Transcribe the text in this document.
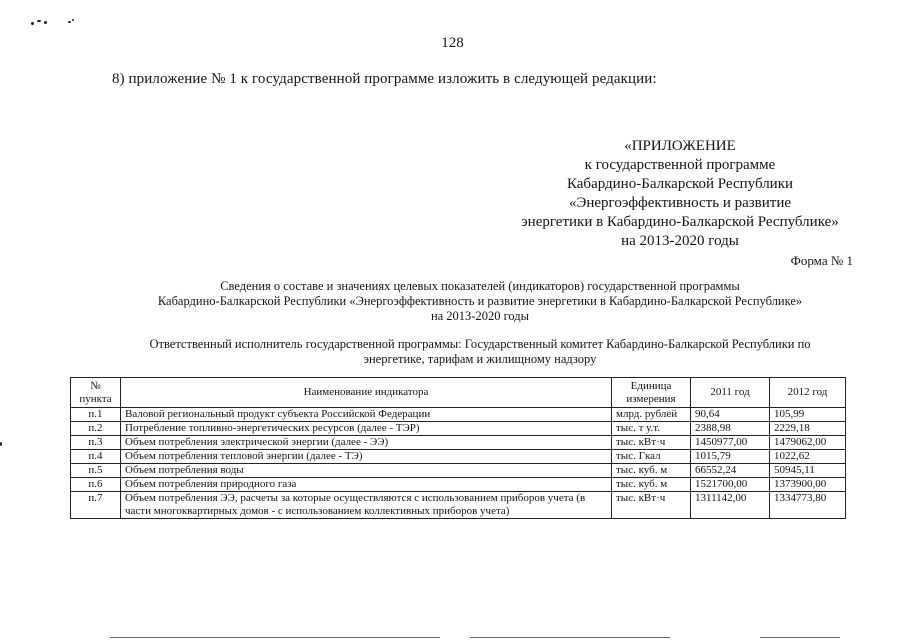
128
8) приложение № 1 к государственной программе изложить в следующей редакции:
«ПРИЛОЖЕНИЕ
к государственной программе
Кабардино-Балкарской Республики
«Энергоэффективность и развитие
энергетики в Кабардино-Балкарской Республике»
на 2013-2020 годы
Форма № 1
Сведения о составе и значениях целевых показателей (индикаторов) государственной программы
Кабардино-Балкарской Республики «Энергоэффективность и развитие энергетики в Кабардино-Балкарской Республике»
на 2013-2020 годы
Ответственный исполнитель государственной программы: Государственный комитет Кабардино-Балкарской Республики по
энергетике, тарифам и жилищному надзору
№ пункта	Наименование индикатора	Единица измерения	2011 год	2012 год
п.1	Валовой региональный продукт субъекта Российской Федерации	млрд. рублей	90,64	105,99
п.2	Потребление топливно-энергетических ресурсов (далее - ТЭР)	тыс. т у.т.	2388,98	2229,18
п.3	Объем потребления электрической энергии (далее - ЭЭ)	тыс. кВт·ч	1450977,00	1479062,00
п.4	Объем потребления тепловой энергии (далее - ТЭ)	тыс. Гкал	1015,79	1022,62
п.5	Объем потребления воды	тыс. куб. м	66552,24	50945,11
п.6	Объем потребления природного газа	тыс. куб. м	1521700,00	1373900,00
п.7	Объем потребления ЭЭ, расчеты за которые осуществляются с использованием приборов учета (в части многоквартирных домов - с использованием коллективных приборов учета)	тыс. кВт·ч	1311142,00	1334773,80
